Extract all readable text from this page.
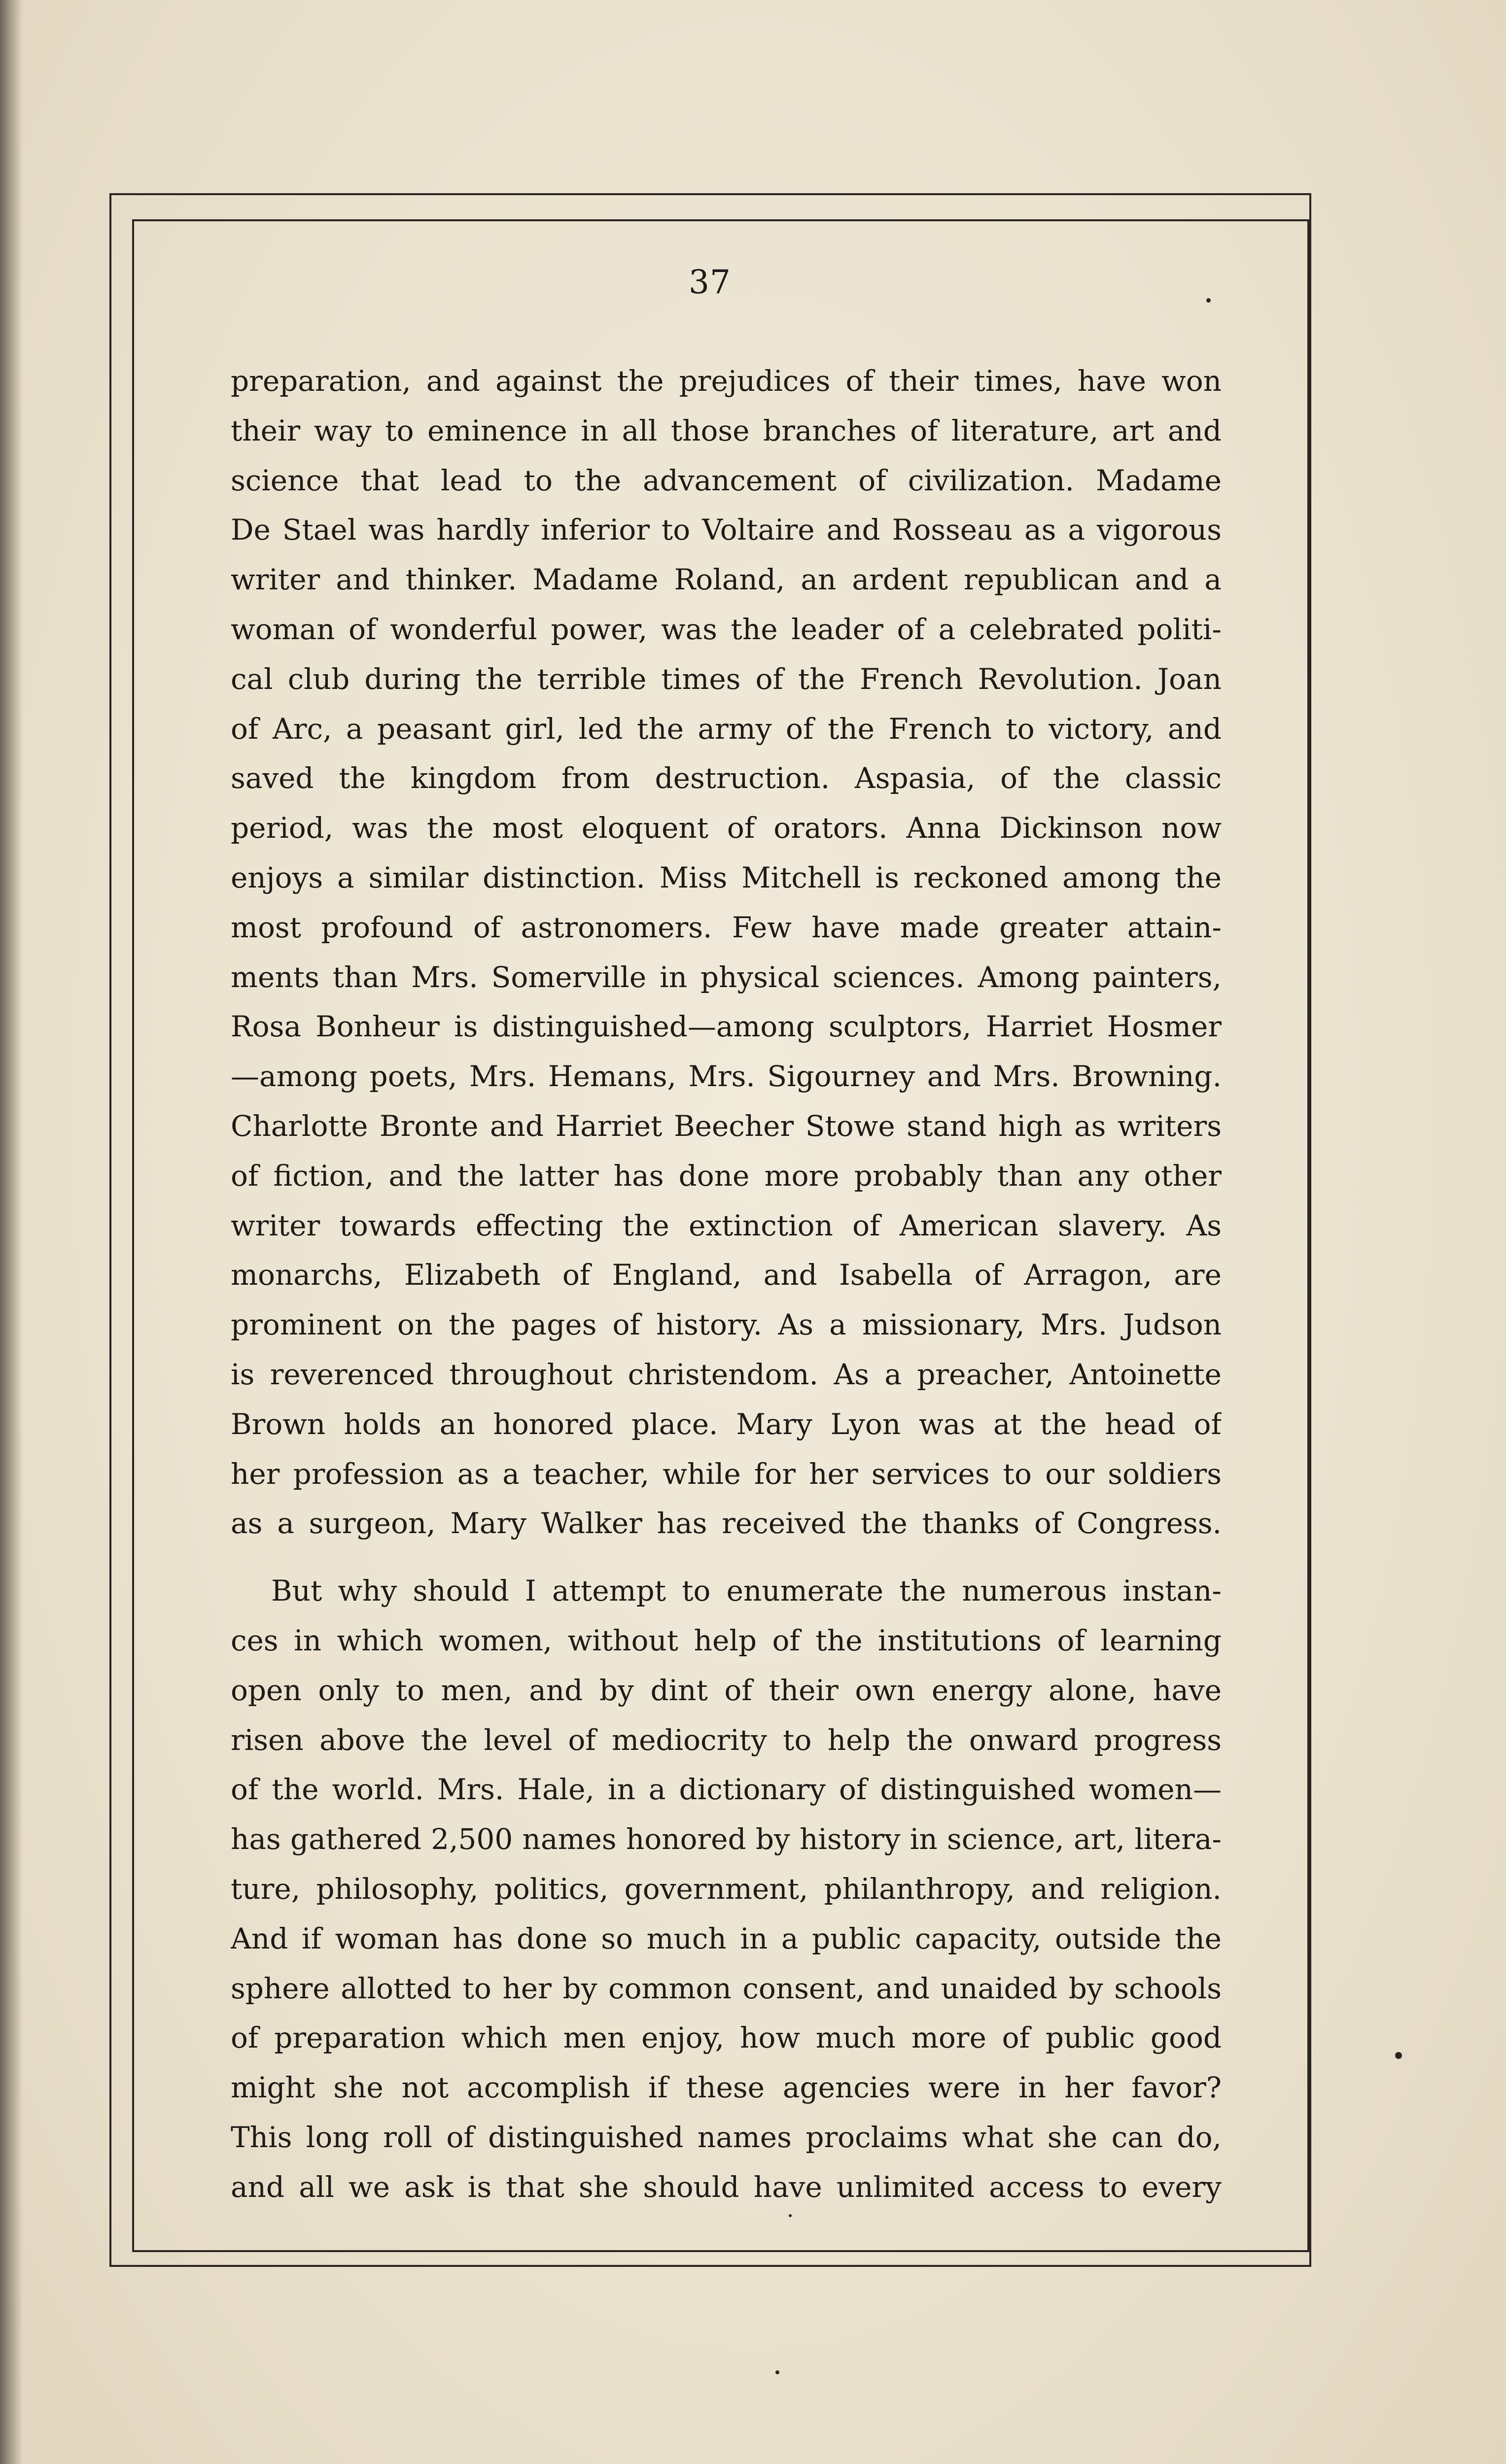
37
preparation, and against the prejudices of their times, have won
their way to eminence in all those branches of literature, art and
science that lead to the advancement of civilization. Madame
De Stael was hardly inferior to Voltaire and Rosseau as a vigorous
writer and thinker. Madame Roland, an ardent republican and a
woman of wonderful power, was the leader of a celebrated politi-
cal club during the terrible times of the French Revolution. Joan
of Arc, a peasant girl, led the army of the French to victory, and
saved the kingdom from destruction. Aspasia, of the classic
period, was the most eloquent of orators. Anna Dickinson now
enjoys a similar distinction. Miss Mitchell is reckoned among the
most profound of astronomers. Few have made greater attain-
ments than Mrs. Somerville in physical sciences. Among painters,
Rosa Bonheur is distinguished—among sculptors, Harriet Hosmer
—among poets, Mrs. Hemans, Mrs. Sigourney and Mrs. Browning.
Charlotte Bronte and Harriet Beecher Stowe stand high as writers
of fiction, and the latter has done more probably than any other
writer towards effecting the extinction of American slavery. As
monarchs, Elizabeth of England, and Isabella of Arragon, are
prominent on the pages of history. As a missionary, Mrs. Judson
is reverenced throughout christendom. As a preacher, Antoinette
Brown holds an honored place. Mary Lyon was at the head of
her profession as a teacher, while for her services to our soldiers
as a surgeon, Mary Walker has received the thanks of Congress.
But why should I attempt to enumerate the numerous instan-
ces in which women, without help of the institutions of learning
open only to men, and by dint of their own energy alone, have
risen above the level of mediocrity to help the onward progress
of the world. Mrs. Hale, in a dictionary of distinguished women—
has gathered 2,500 names honored by history in science, art, litera-
ture, philosophy, politics, government, philanthropy, and religion.
And if woman has done so much in a public capacity, outside the
sphere allotted to her by common consent, and unaided by schools
of preparation which men enjoy, how much more of public good
might she not accomplish if these agencies were in her favor?
This long roll of distinguished names proclaims what she can do,
and all we ask is that she should have unlimited access to every
